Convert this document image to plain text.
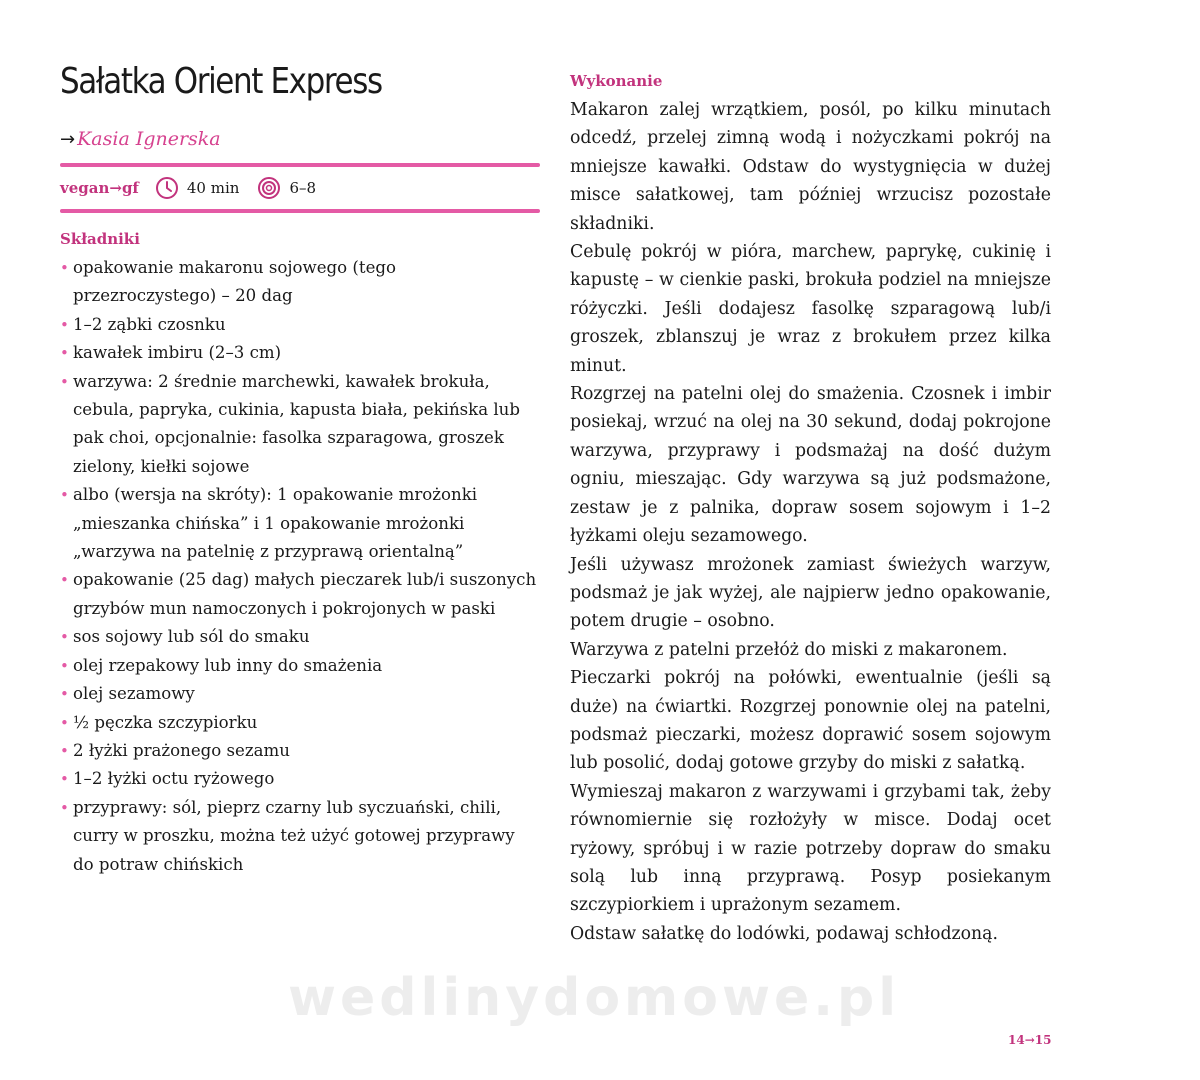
Sałatka Orient Express
→ Kasia Ignerska
vegan→gf	40 min	6–8
Składniki
• opakowanie makaronu sojowego (tego przezroczystego) – 20 dag
• 1–2 ząbki czosnku
• kawałek imbiru (2–3 cm)
• warzywa: 2 średnie marchewki, kawałek brokuła, cebula, papryka, cukinia, kapusta biała, pekińska lub pak choi, opcjonalnie: fasolka szparagowa, groszek zielony, kiełki sojowe
• albo (wersja na skróty): 1 opakowanie mrożonki „mieszanka chińska” i 1 opakowanie mrożonki „warzywa na patelnię z przyprawą orientalną”
• opakowanie (25 dag) małych pieczarek lub/i suszonych grzybów mun namoczonych i pokrojonych w paski
• sos sojowy lub sól do smaku
• olej rzepakowy lub inny do smażenia
• olej sezamowy
• ½ pęczka szczypiorku
• 2 łyżki prażonego sezamu
• 1–2 łyżki octu ryżowego
• przyprawy: sól, pieprz czarny lub syczuański, chili, curry w proszku, można też użyć gotowej przyprawy do potraw chińskich
Wykonanie

Makaron zalej wrzątkiem, posól, po kilku minutach odcedź, przelej zimną wodą i nożyczkami pokrój na mniejsze kawałki. Odstaw do wystygnięcia w dużej misce sałatkowej, tam później wrzucisz pozostałe składniki.

Cebulę pokrój w pióra, marchew, paprykę, cukinię i kapustę – w cienkie paski, brokuła podziel na mniejsze różyczki. Jeśli dodajesz fasolkę szparagową lub/i groszek, zblanszuj je wraz z brokułem przez kilka minut.

Rozgrzej na patelni olej do smażenia. Czosnek i imbir posiekaj, wrzuć na olej na 30 sekund, dodaj pokrojone warzywa, przyprawy i podsmażaj na dość dużym ogniu, mieszając. Gdy warzywa są już podsmażone, zestaw je z palnika, dopraw sosem sojowym i 1–2 łyżkami oleju sezamowego.

Jeśli używasz mrożonek zamiast świeżych warzyw, podsmaż je jak wyżej, ale najpierw jedno opakowanie, potem drugie – osobno.

Warzywa z patelni przełóż do miski z makaronem.

Pieczarki pokrój na połówki, ewentualnie (jeśli są duże) na ćwiartki. Rozgrzej ponownie olej na patelni, podsmaż pieczarki, możesz doprawić sosem sojowym lub posolić, dodaj gotowe grzyby do miski z sałatką.

Wymieszaj makaron z warzywami i grzybami tak, żeby równomiernie się rozłożyły w misce. Dodaj ocet ryżowy, spróbuj i w razie potrzeby dopraw do smaku solą lub inną przyprawą. Posyp posiekanym szczypiorkiem i uprażonym sezamem.

Odstaw sałatkę do lodówki, podawaj schłodzoną.

wedlinydomowe.pl
14→15
